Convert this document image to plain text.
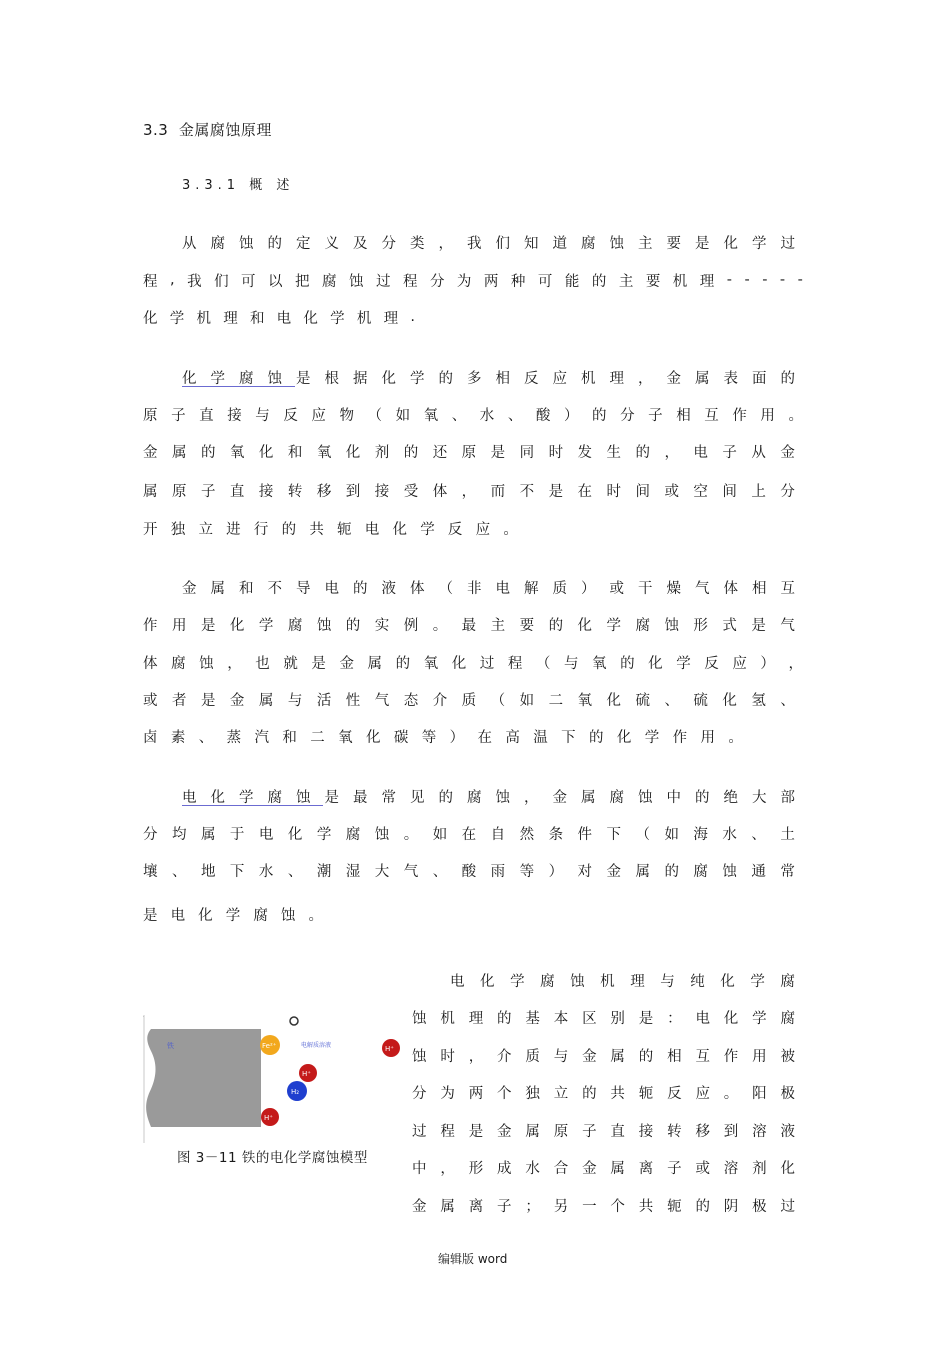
3.3 金属腐蚀原理
3.3.1 概 述
从 腐 蚀 的 定 义 及 分 类 ， 我 们 知 道 腐 蚀 主 要 是 化 学 过
程 , 我 们 可 以 把 腐 蚀 过 程 分 为 两 种 可 能 的 主 要 机 理 - - - - -
化 学 机 理 和 电 化 学 机 理 .
化 学 腐 蚀 是 根 据 化 学 的 多 相 反 应 机 理 ， 金 属 表 面 的
原 子 直 接 与 反 应 物 （ 如 氧 、 水 、 酸 ） 的 分 子 相 互 作 用 。
金 属 的 氧 化 和 氧 化 剂 的 还 原 是 同 时 发 生 的 ， 电 子 从 金
属 原 子 直 接 转 移 到 接 受 体 ， 而 不 是 在 时 间 或 空 间 上 分
开 独 立 进 行 的 共 轭 电 化 学 反 应 。
金 属 和 不 导 电 的 液 体 （ 非 电 解 质 ） 或 干 燥 气 体 相 互
作 用 是 化 学 腐 蚀 的 实 例 。 最 主 要 的 化 学 腐 蚀 形 式 是 气
体 腐 蚀 ， 也 就 是 金 属 的 氧 化 过 程 （ 与 氧 的 化 学 反 应 ） ，
或 者 是 金 属 与 活 性 气 态 介 质 （ 如 二 氧 化 硫 、 硫 化 氢 、
卤 素 、 蒸 汽 和 二 氧 化 碳 等 ） 在 高 温 下 的 化 学 作 用 。
电 化 学 腐 蚀 是 最 常 见 的 腐 蚀 ， 金 属 腐 蚀 中 的 绝 大 部
分 均 属 于 电 化 学 腐 蚀 。 如 在 自 然 条 件 下 （ 如 海 水 、 土
壤 、 地 下 水 、 潮 湿 大 气 、 酸 雨 等 ） 对 金 属 的 腐 蚀 通 常
是 电 化 学 腐 蚀 。
电 化 学 腐 蚀 机 理 与 纯 化 学 腐
蚀 机 理 的 基 本 区 别 是 ： 电 化 学 腐
蚀 时 ， 介 质 与 金 属 的 相 互 作 用 被
分 为 两 个 独 立 的 共 轭 反 应 。 阳 极
过 程 是 金 属 原 子 直 接 转 移 到 溶 液
中 ， 形 成 水 合 金 属 离 子 或 溶 剂 化
金 属 离 子 ； 另 一 个 共 轭 的 阴 极 过
铁	电解质溶液
Fe²⁺	H⁺
H⁺
H₂
H⁺
图 3－11 铁的电化学腐蚀模型
编辑版 word
